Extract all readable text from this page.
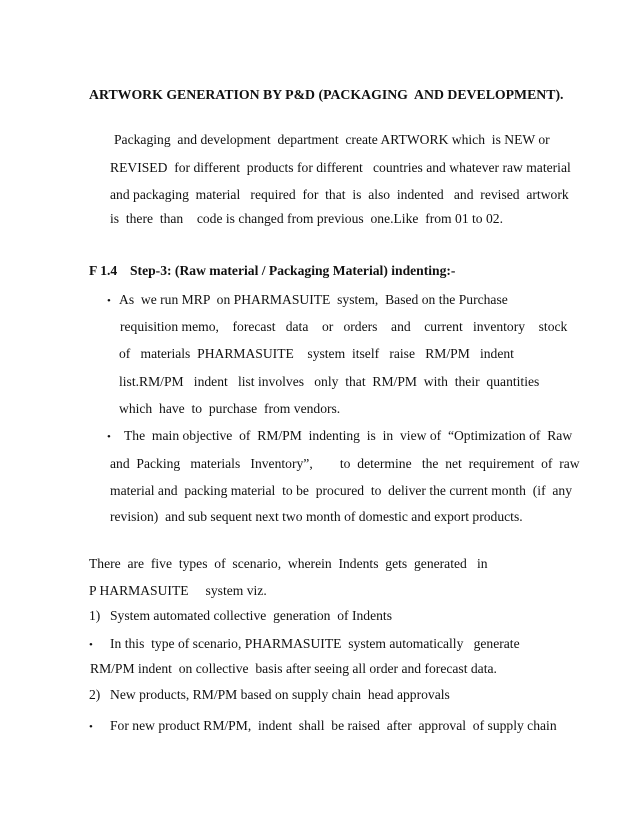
ARTWORK GENERATION BY P&D (PACKAGING  AND DEVELOPMENT).
Packaging  and development  department  create ARTWORK which  is NEW or
REVISED  for different  products for different   countries and whatever raw material
and packaging  material   required  for  that  is  also  indented   and  revised  artwork
is  there  than    code is changed from previous  one.Like  from 01 to 02.
F 1.4 Step-3: (Raw material / Packaging Material) indenting:-
• As  we run MRP  on PHARMASUITE  system,  Based on the Purchase
requisition memo,    forecast   data    or   orders    and    current   inventory    stock
of   materials  PHARMASUITE    system  itself   raise   RM/PM   indent
list.RM/PM   indent   list involves   only  that  RM/PM  with  their  quantities
which  have  to  purchase  from vendors.
• The  main objective  of  RM/PM  indenting  is  in  view of  “Optimization of  Raw
and  Packing   materials   Inventory”,        to  determine   the  net  requirement  of  raw
material and  packing material  to be  procured  to  deliver the current month  (if  any
revision)  and sub sequent next two month of domestic and export products.
There  are  five  types  of  scenario,  wherein  Indents  gets  generated   in
P HARMASUITE     system viz.
1) System automated collective  generation  of Indents
• In this  type of scenario, PHARMASUITE  system automatically   generate
RM/PM indent  on collective  basis after seeing all order and forecast data.
2) New products, RM/PM based on supply chain  head approvals
• For new product RM/PM,  indent  shall  be raised  after  approval  of supply chain
